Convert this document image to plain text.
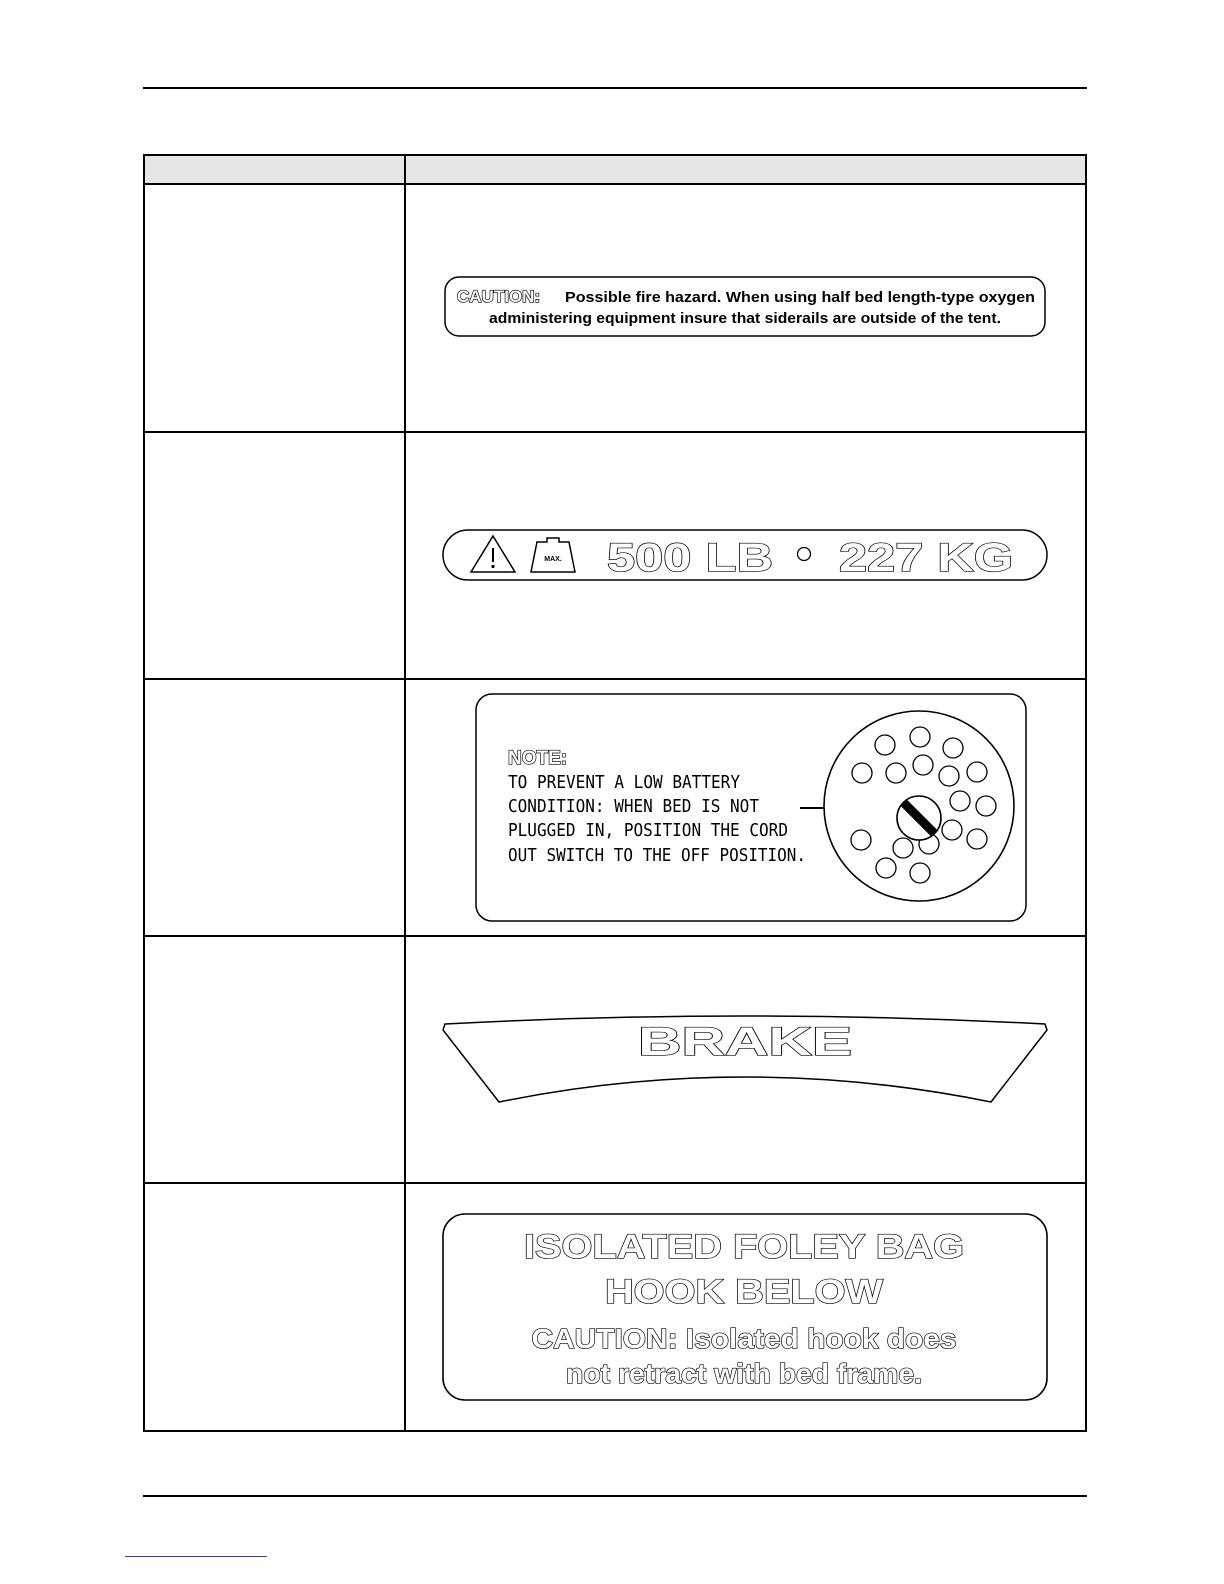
CAUTION: Possible fire hazard. When using half bed length-type oxygen
administering equipment insure that siderails are outside of the tent.
MAX. 500 LB 227 KG
NOTE:
TO PREVENT A LOW BATTERY
CONDITION: WHEN BED IS NOT
PLUGGED IN, POSITION THE CORD
OUT SWITCH TO THE OFF POSITION.
BRAKE
ISOLATED FOLEY BAG
HOOK BELOW
CAUTION: Isolated hook does
not retract with bed frame.
